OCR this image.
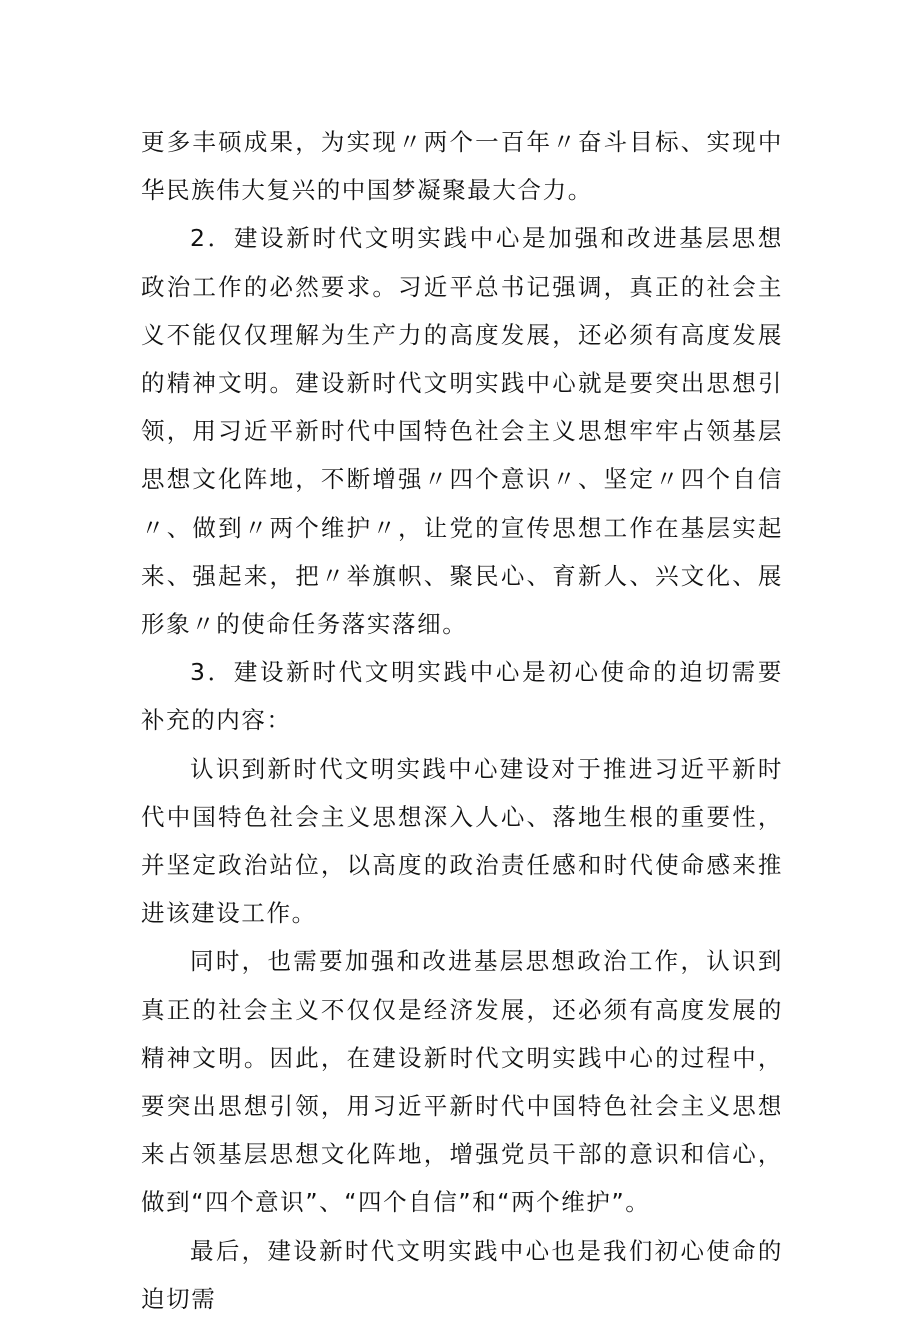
更多丰硕成果，为实现〃两个一百年〃奋斗目标、实现中华民族伟大复兴的中国梦凝聚最大合力。

2．建设新时代文明实践中心是加强和改进基层思想政治工作的必然要求。习近平总书记强调，真正的社会主义不能仅仅理解为生产力的高度发展，还必须有高度发展的精神文明。建设新时代文明实践中心就是要突出思想引领，用习近平新时代中国特色社会主义思想牢牢占领基层思想文化阵地，不断增强〃四个意识〃、坚定〃四个自信〃、做到〃两个维护〃，让党的宣传思想工作在基层实起来、强起来，把〃举旗帜、聚民心、育新人、兴文化、展形象〃的使命任务落实落细。

3．建设新时代文明实践中心是初心使命的迫切需要补充的内容：

认识到新时代文明实践中心建设对于推进习近平新时代中国特色社会主义思想深入人心、落地生根的重要性，并坚定政治站位，以高度的政治责任感和时代使命感来推进该建设工作。

同时，也需要加强和改进基层思想政治工作，认识到真正的社会主义不仅仅是经济发展，还必须有高度发展的精神文明。因此，在建设新时代文明实践中心的过程中，要突出思想引领，用习近平新时代中国特色社会主义思想来占领基层思想文化阵地，增强党员干部的意识和信心，做到“四个意识”、“四个自信”和“两个维护”。

最后，建设新时代文明实践中心也是我们初心使命的迫切需
